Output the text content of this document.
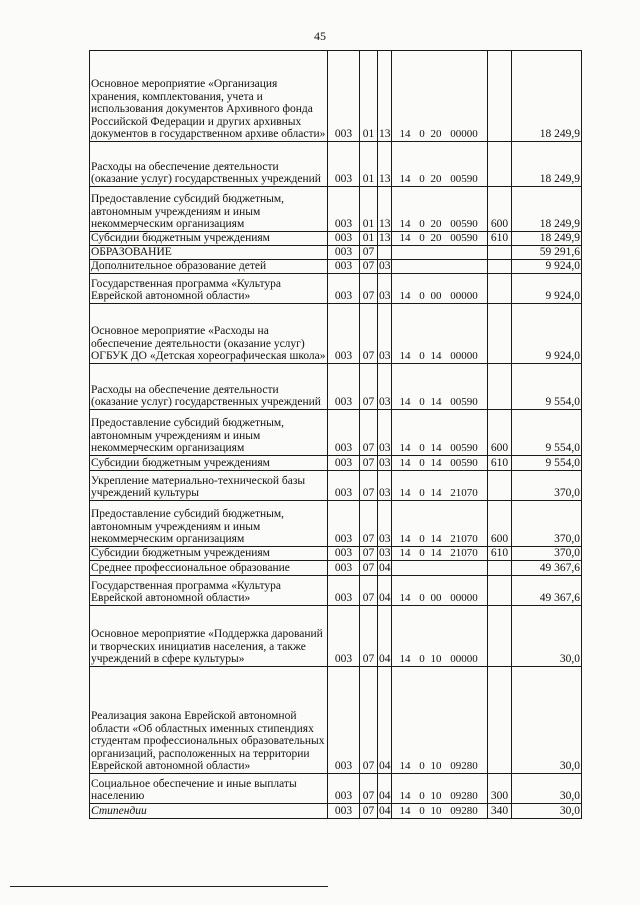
45
Основное мероприятие «Организация хранения, комплектования, учета и использования документов Архивного фонда Российской Федерации и других архивных документов в государственном архиве области»	003	01	13	14 0 20 00000		18 249,9
Расходы на обеспечение деятельности (оказание услуг) государственных учреждений	003	01	13	14 0 20 00590		18 249,9
Предоставление субсидий бюджетным, автономным учреждениям и иным некоммерческим организациям	003	01	13	14 0 20 00590	600	18 249,9
Субсидии бюджетным учреждениям	003	01	13	14 0 20 00590	610	18 249,9
ОБРАЗОВАНИЕ	003	07				59 291,6
Дополнительное образование детей	003	07	03			9 924,0
Государственная программа «Культура Еврейской автономной области»	003	07	03	14 0 00 00000		9 924,0
Основное мероприятие «Расходы на обеспечение деятельности (оказание услуг) ОГБУК ДО «Детская хореографическая школа»	003	07	03	14 0 14 00000		9 924,0
Расходы на обеспечение деятельности (оказание услуг) государственных учреждений	003	07	03	14 0 14 00590		9 554,0
Предоставление субсидий бюджетным, автономным учреждениям и иным некоммерческим организациям	003	07	03	14 0 14 00590	600	9 554,0
Субсидии бюджетным учреждениям	003	07	03	14 0 14 00590	610	9 554,0
Укрепление материально-технической базы учреждений культуры	003	07	03	14 0 14 21070		370,0
Предоставление субсидий бюджетным, автономным учреждениям и иным некоммерческим организациям	003	07	03	14 0 14 21070	600	370,0
Субсидии бюджетным учреждениям	003	07	03	14 0 14 21070	610	370,0
Среднее профессиональное образование	003	07	04			49 367,6
Государственная программа «Культура Еврейской автономной области»	003	07	04	14 0 00 00000		49 367,6
Основное мероприятие «Поддержка дарований и творческих инициатив населения, а также учреждений в сфере культуры»	003	07	04	14 0 10 00000		30,0
Реализация закона Еврейской автономной области «Об областных именных стипендиях студентам профессиональных образовательных организаций, расположенных на территории Еврейской автономной области»	003	07	04	14 0 10 09280		30,0
Социальное обеспечение и иные выплаты населению	003	07	04	14 0 10 09280	300	30,0
Стипендии	003	07	04	14 0 10 09280	340	30,0
